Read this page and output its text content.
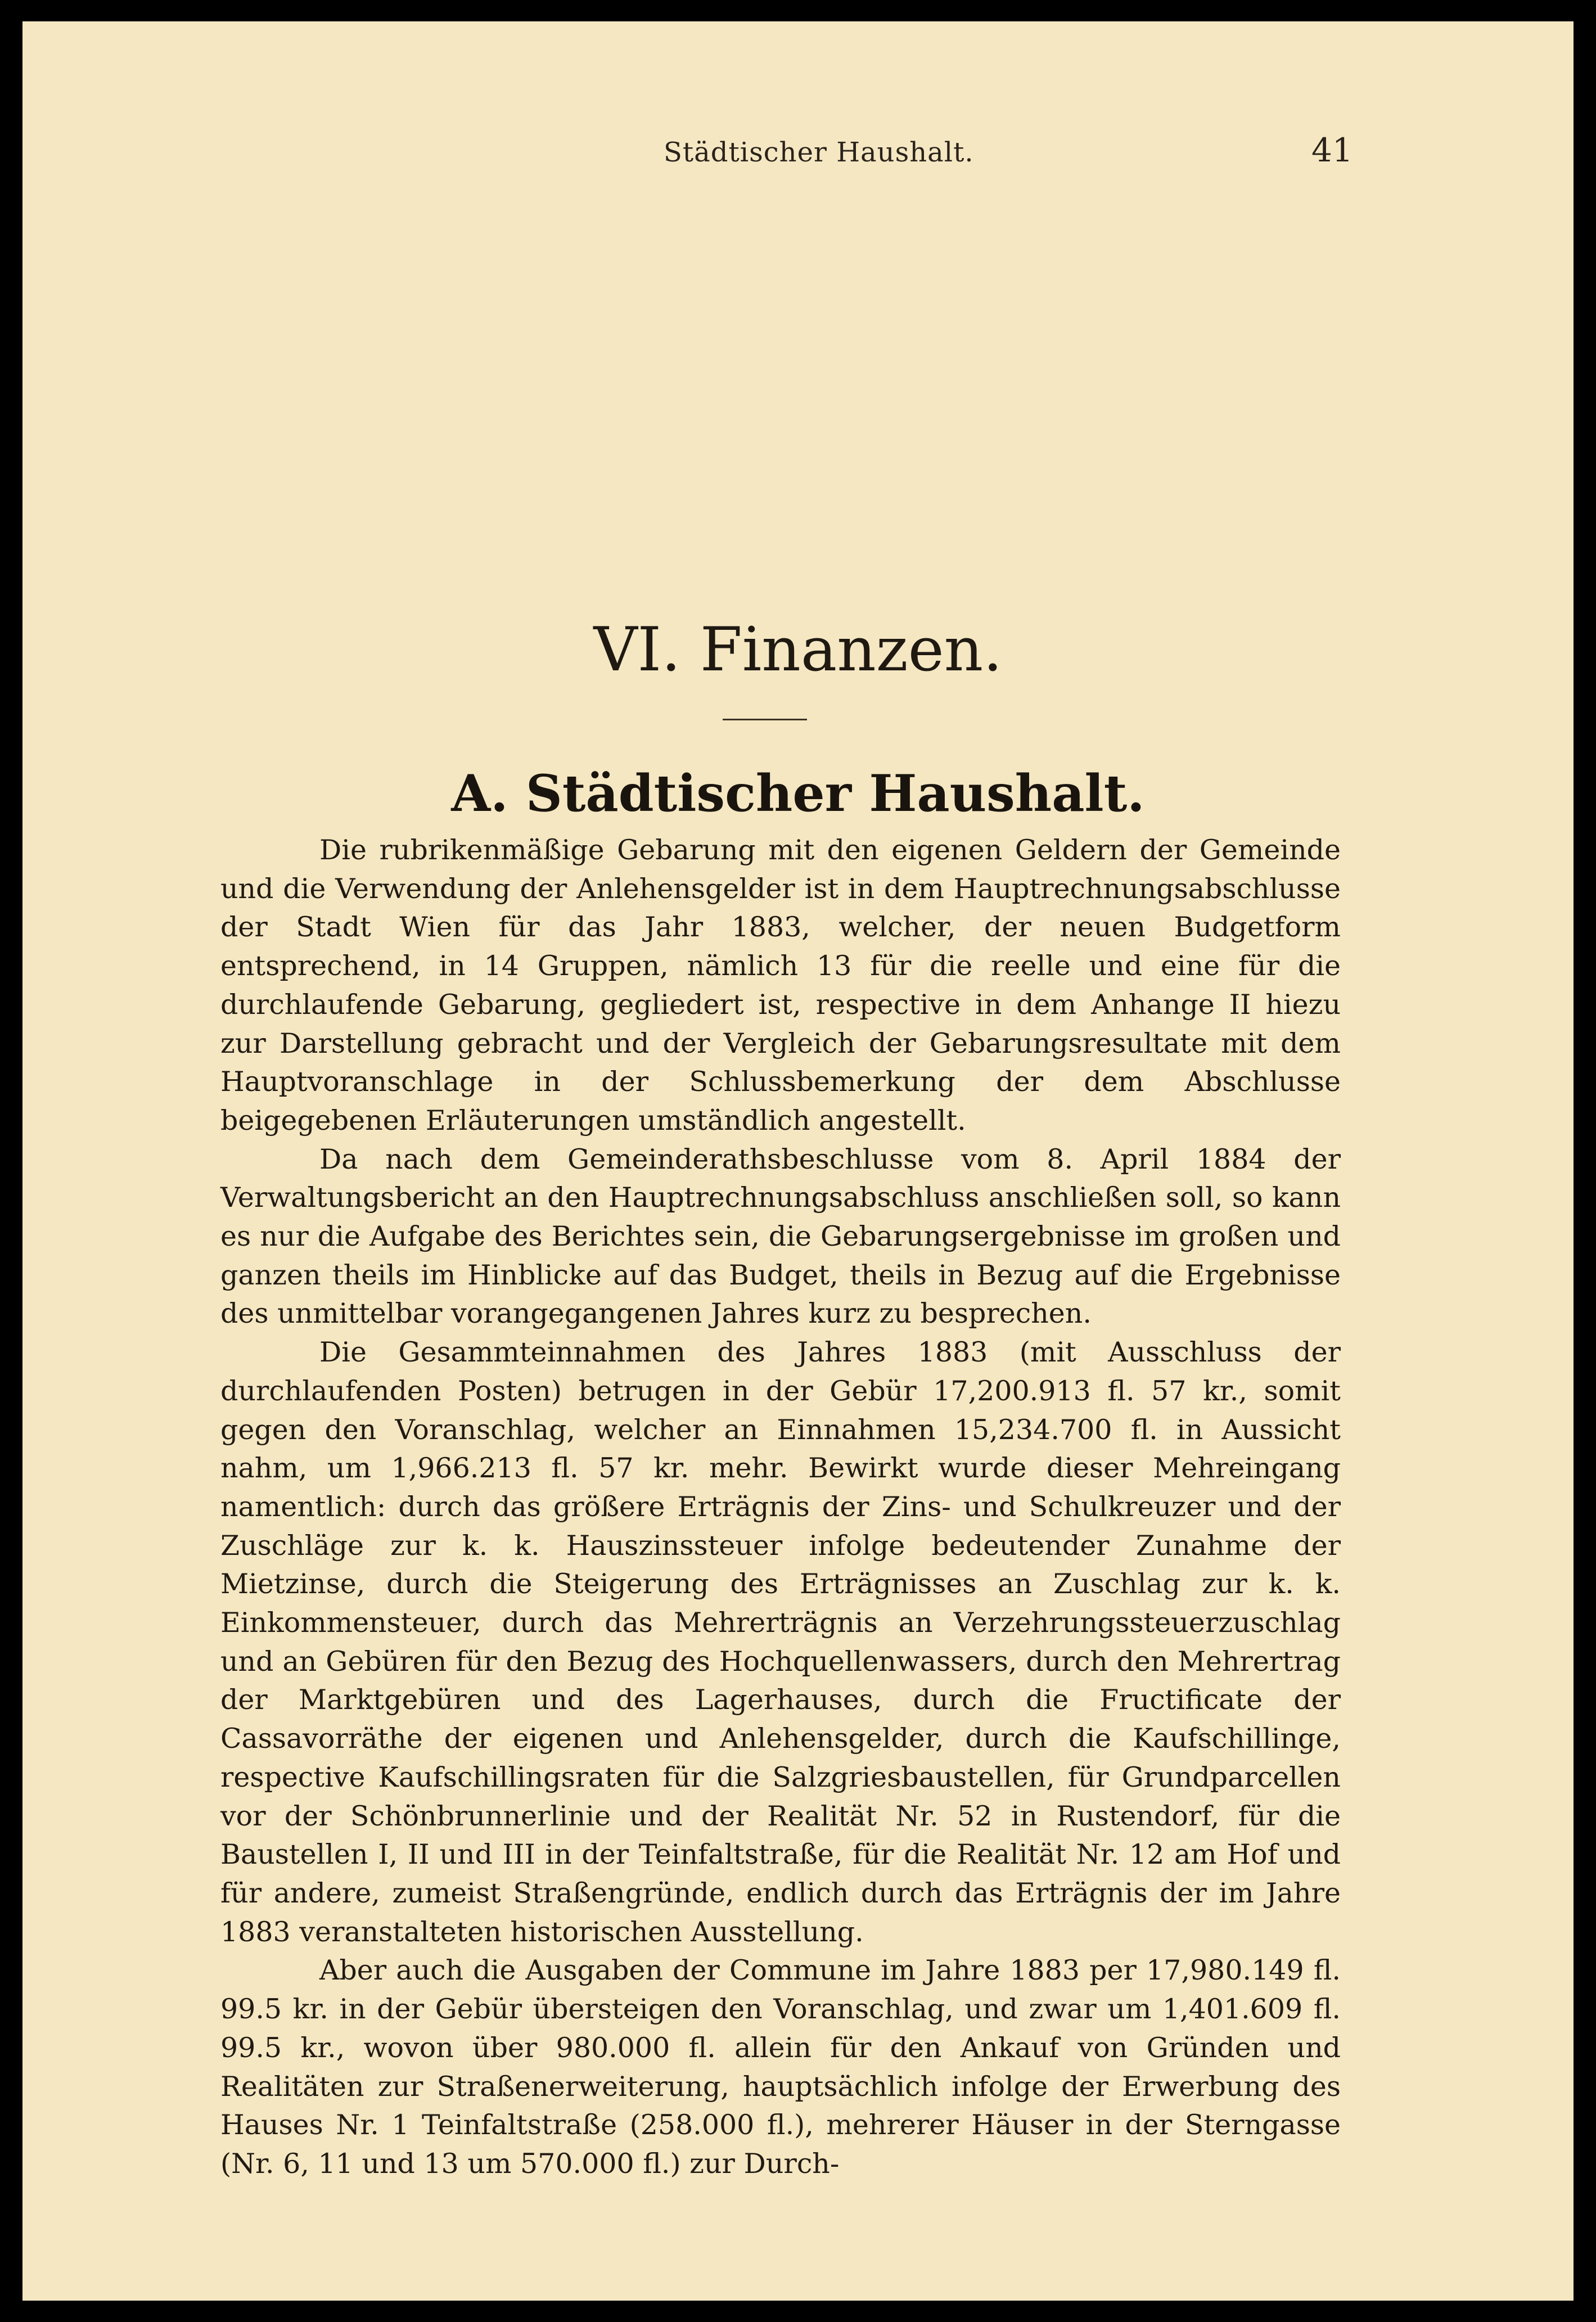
Städtischer Haushalt.	41
VI. Finanzen.
A. Städtischer Haushalt.

Die rubrikenmäßige Gebarung mit den eigenen Geldern der Gemeinde und die Verwendung der Anlehensgelder ist in dem Hauptrechnungsabschlusse der Stadt Wien für das Jahr 1883, welcher, der neuen Budgetform entsprechend, in 14 Gruppen, nämlich 13 für die reelle und eine für die durchlaufende Gebarung, gegliedert ist, respective in dem Anhange II hiezu zur Darstellung gebracht und der Vergleich der Gebarungsresultate mit dem Hauptvoranschlage in der Schlussbemerkung der dem Abschlusse beigegebenen Erläuterungen umständlich angestellt.

Da nach dem Gemeinderathsbeschlusse vom 8. April 1884 der Verwaltungsbericht an den Hauptrechnungsabschluss anschließen soll, so kann es nur die Aufgabe des Berichtes sein, die Gebarungsergebnisse im großen und ganzen theils im Hinblicke auf das Budget, theils in Bezug auf die Ergebnisse des unmittelbar vorangegangenen Jahres kurz zu besprechen.

Die Gesammteinnahmen des Jahres 1883 (mit Ausschluss der durchlaufenden Posten) betrugen in der Gebür 17,200.913 fl. 57 kr., somit gegen den Voranschlag, welcher an Einnahmen 15,234.700 fl. in Aussicht nahm, um 1,966.213 fl. 57 kr. mehr. Bewirkt wurde dieser Mehreingang namentlich: durch das größere Erträgnis der Zins- und Schulkreuzer und der Zuschläge zur k. k. Hauszinssteuer infolge bedeutender Zunahme der Mietzinse, durch die Steigerung des Erträgnisses an Zuschlag zur k. k. Einkommensteuer, durch das Mehrerträgnis an Verzehrungssteuerzuschlag und an Gebüren für den Bezug des Hochquellenwassers, durch den Mehrertrag der Marktgebüren und des Lagerhauses, durch die Fructificate der Cassavorräthe der eigenen und Anlehensgelder, durch die Kaufschillinge, respective Kaufschillingsraten für die Salzgriesbaustellen, für Grundparcellen vor der Schönbrunnerlinie und der Realität Nr. 52 in Rustendorf, für die Baustellen I, II und III in der Teinfaltstraße, für die Realität Nr. 12 am Hof und für andere, zumeist Straßengründe, endlich durch das Erträgnis der im Jahre 1883 veranstalteten historischen Ausstellung.

Aber auch die Ausgaben der Commune im Jahre 1883 per 17,980.149 fl. 99.5 kr. in der Gebür übersteigen den Voranschlag, und zwar um 1,401.609 fl. 99.5 kr., wovon über 980.000 fl. allein für den Ankauf von Gründen und Realitäten zur Straßenerweiterung, hauptsächlich infolge der Erwerbung des Hauses Nr. 1 Teinfaltstraße (258.000 fl.), mehrerer Häuser in der Sterngasse (Nr. 6, 11 und 13 um 570.000 fl.) zur Durch-
